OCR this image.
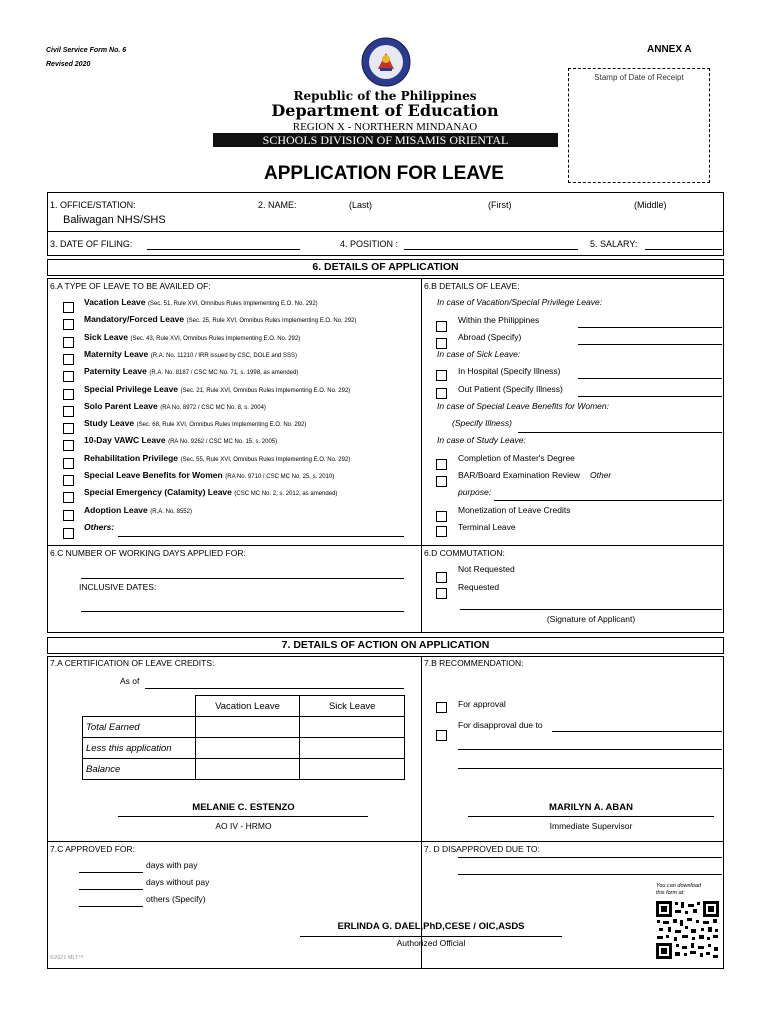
Civil Service Form No. 6
Revised 2020
ANNEX A
Stamp of Date of Receipt
Republic of the Philippines
Department of Education
REGION X - NORTHERN MINDANAO
SCHOOLS DIVISION OF MISAMIS ORIENTAL
APPLICATION FOR LEAVE
1. OFFICE/STATION:
Baliwagan NHS/SHS
2. NAME:	(Last)	(First)	(Middle)
3. DATE OF FILING:	4. POSITION :	5. SALARY:
6. DETAILS OF APPLICATION
6.A TYPE OF LEAVE TO BE AVAILED OF:
Vacation Leave (Sec. 51, Rule XVI, Omnibus Rules Implementing E.O. No. 292)
Mandatory/Forced Leave (Sec. 25, Rule XVI, Omnibus Rules Implementing E.O. No. 292)
Sick Leave (Sec. 43, Rule XVI, Omnibus Rules Implementing E.O. No. 292)
Maternity Leave (R.A. No. 11210 / IRR issued by CSC, DOLE and SSS)
Paternity Leave (R.A. No. 8187 / CSC MC No. 71, s. 1998, as amended)
Special Privilege Leave (Sec. 21, Rule XVI, Omnibus Rules Implementing E.O. No. 292)
Solo Parent Leave (RA No. 8972 / CSC MC No. 8, s. 2004)
Study Leave (Sec. 68, Rule XVI, Omnibus Rules Implementing E.O. No. 292)
10-Day VAWC Leave (RA No. 9262 / CSC MC No. 15, s. 2005)
Rehabilitation Privilege (Sec. 55, Rule XVI, Omnibus Rules Implementing E.O. No. 292)
Special Leave Benefits for Women (RA No. 9710 / CSC MC No. 25, s. 2010)
Special Emergency (Calamity) Leave (CSC MC No. 2, s. 2012, as amended)
Adoption Leave (R.A. No. 8552)
Others:
6.B DETAILS OF LEAVE:
In case of Vacation/Special Privilege Leave:
Within the Philippines
Abroad (Specify)
In case of Sick Leave:
In Hospital (Specify Illness)
Out Patient (Specify Illness)
In case of Special Leave Benefits for Women:
(Specify Illness)
In case of Study Leave:
Completion of Master's Degree
BAR/Board Examination Review Other
purpose:
Monetization of Leave Credits
Terminal Leave
6.C NUMBER OF WORKING DAYS APPLIED FOR:
INCLUSIVE DATES:
6.D COMMUTATION:
Not Requested
Requested
(Signature of Applicant)
7. DETAILS OF ACTION ON APPLICATION
7.A CERTIFICATION OF LEAVE CREDITS:
As of
	Vacation Leave	Sick Leave
Total Earned		
Less this application		
Balance		
MELANIE C. ESTENZO
AO IV - HRMO
7.B RECOMMENDATION:
For approval
For disapproval due to
MARILYN A. ABAN
Immediate Supervisor
7.C APPROVED FOR:
days with pay
days without pay
others (Specify)
7. D DISAPPROVED DUE TO:
You can download
this form at:
ERLINDA G. DAEL,PhD,CESE / OIC,ASDS
Authorized Official
©2021 MLT™
